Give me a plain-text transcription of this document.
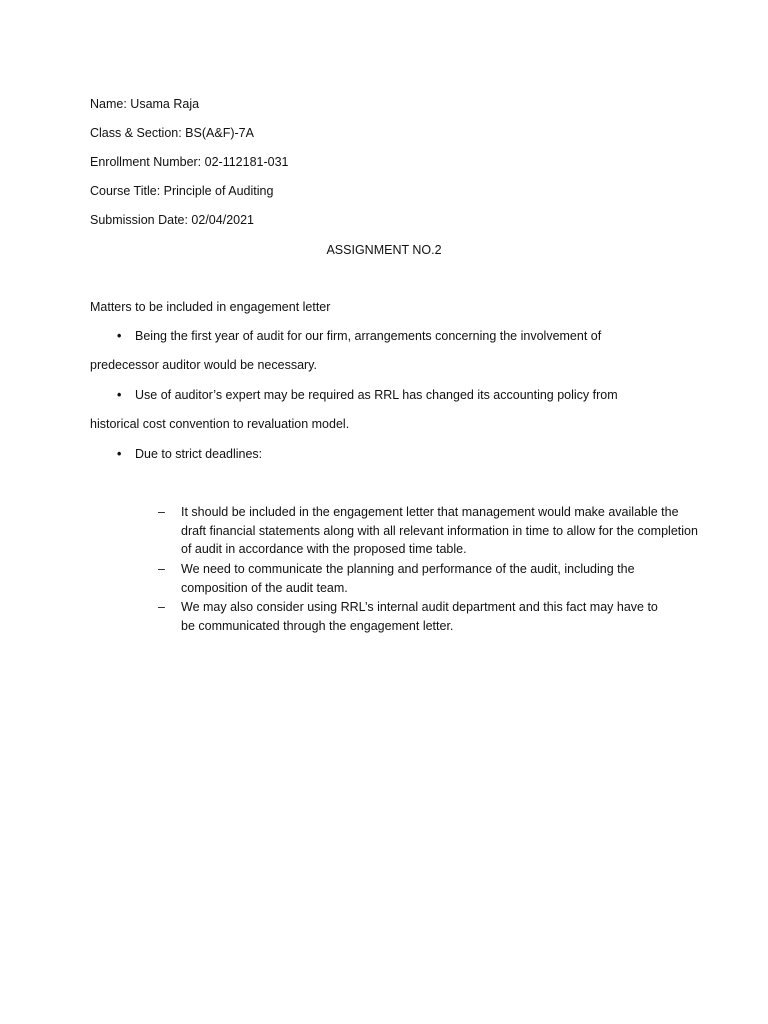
Name: Usama Raja
Class & Section: BS(A&F)-7A
Enrollment Number: 02-112181-031
Course Title: Principle of Auditing
Submission Date: 02/04/2021
ASSIGNMENT NO.2
Matters to be included in engagement letter
• Being the first year of audit for our firm, arrangements concerning the involvement of
predecessor auditor would be necessary.
• Use of auditor’s expert may be required as RRL has changed its accounting policy from
historical cost convention to revaluation model.
• Due to strict deadlines:
– It should be included in the engagement letter that management would make available the draft financial statements along with all relevant information in time to allow for the completion of audit in accordance with the proposed time table.
– We need to communicate the planning and performance of the audit, including the composition of the audit team.
– We may also consider using RRL’s internal audit department and this fact may have to be communicated through the engagement letter.
